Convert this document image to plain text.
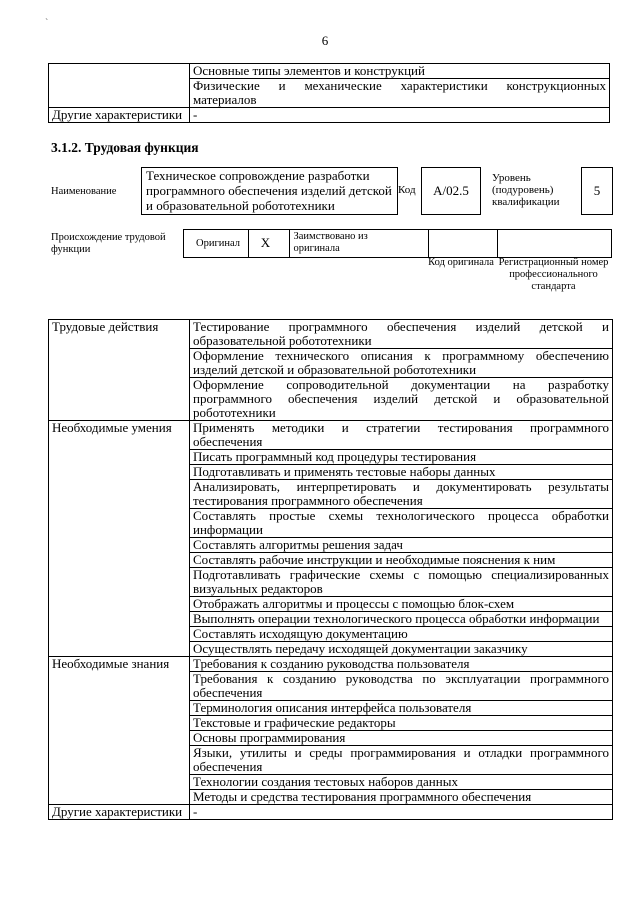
`
6
	Основные типы элементов и конструкций
	Физические и механические характеристики конструкционных материалов
Другие характеристики	-
3.1.2. Трудовая функция
Наименование
Техническое сопровождение разработки программного обеспечения изделий детской и образовательной робототехники
Код	А/02.5
Уровень (подуровень) квалификации
5
Происхождение трудовой функции
Оригинал X Заимствовано из оригинала
Код оригинала Регистрационный номер профессионального стандарта
Трудовые действия	Тестирование программного обеспечения изделий детской и образовательной робототехники
	Оформление технического описания к программному обеспечению изделий детской и образовательной робототехники
	Оформление сопроводительной документации на разработку программного обеспечения изделий детской и образовательной робототехники
Необходимые умения	Применять методики и стратегии тестирования программного обеспечения
	Писать программный код процедуры тестирования
	Подготавливать и применять тестовые наборы данных
	Анализировать, интерпретировать и документировать результаты тестирования программного обеспечения
	Составлять простые схемы технологического процесса обработки информации
	Составлять алгоритмы решения задач
	Составлять рабочие инструкции и необходимые пояснения к ним
	Подготавливать графические схемы с помощью специализированных визуальных редакторов
	Отображать алгоритмы и процессы с помощью блок-схем
	Выполнять операции технологического процесса обработки информации
	Составлять исходящую документацию
	Осуществлять передачу исходящей документации заказчику
Необходимые знания	Требования к созданию руководства пользователя
	Требования к созданию руководства по эксплуатации программного обеспечения
	Терминология описания интерфейса пользователя
	Текстовые и графические редакторы
	Основы программирования
	Языки, утилиты и среды программирования и отладки программного обеспечения
	Технологии создания тестовых наборов данных
	Методы и средства тестирования программного обеспечения
Другие характеристики	-
